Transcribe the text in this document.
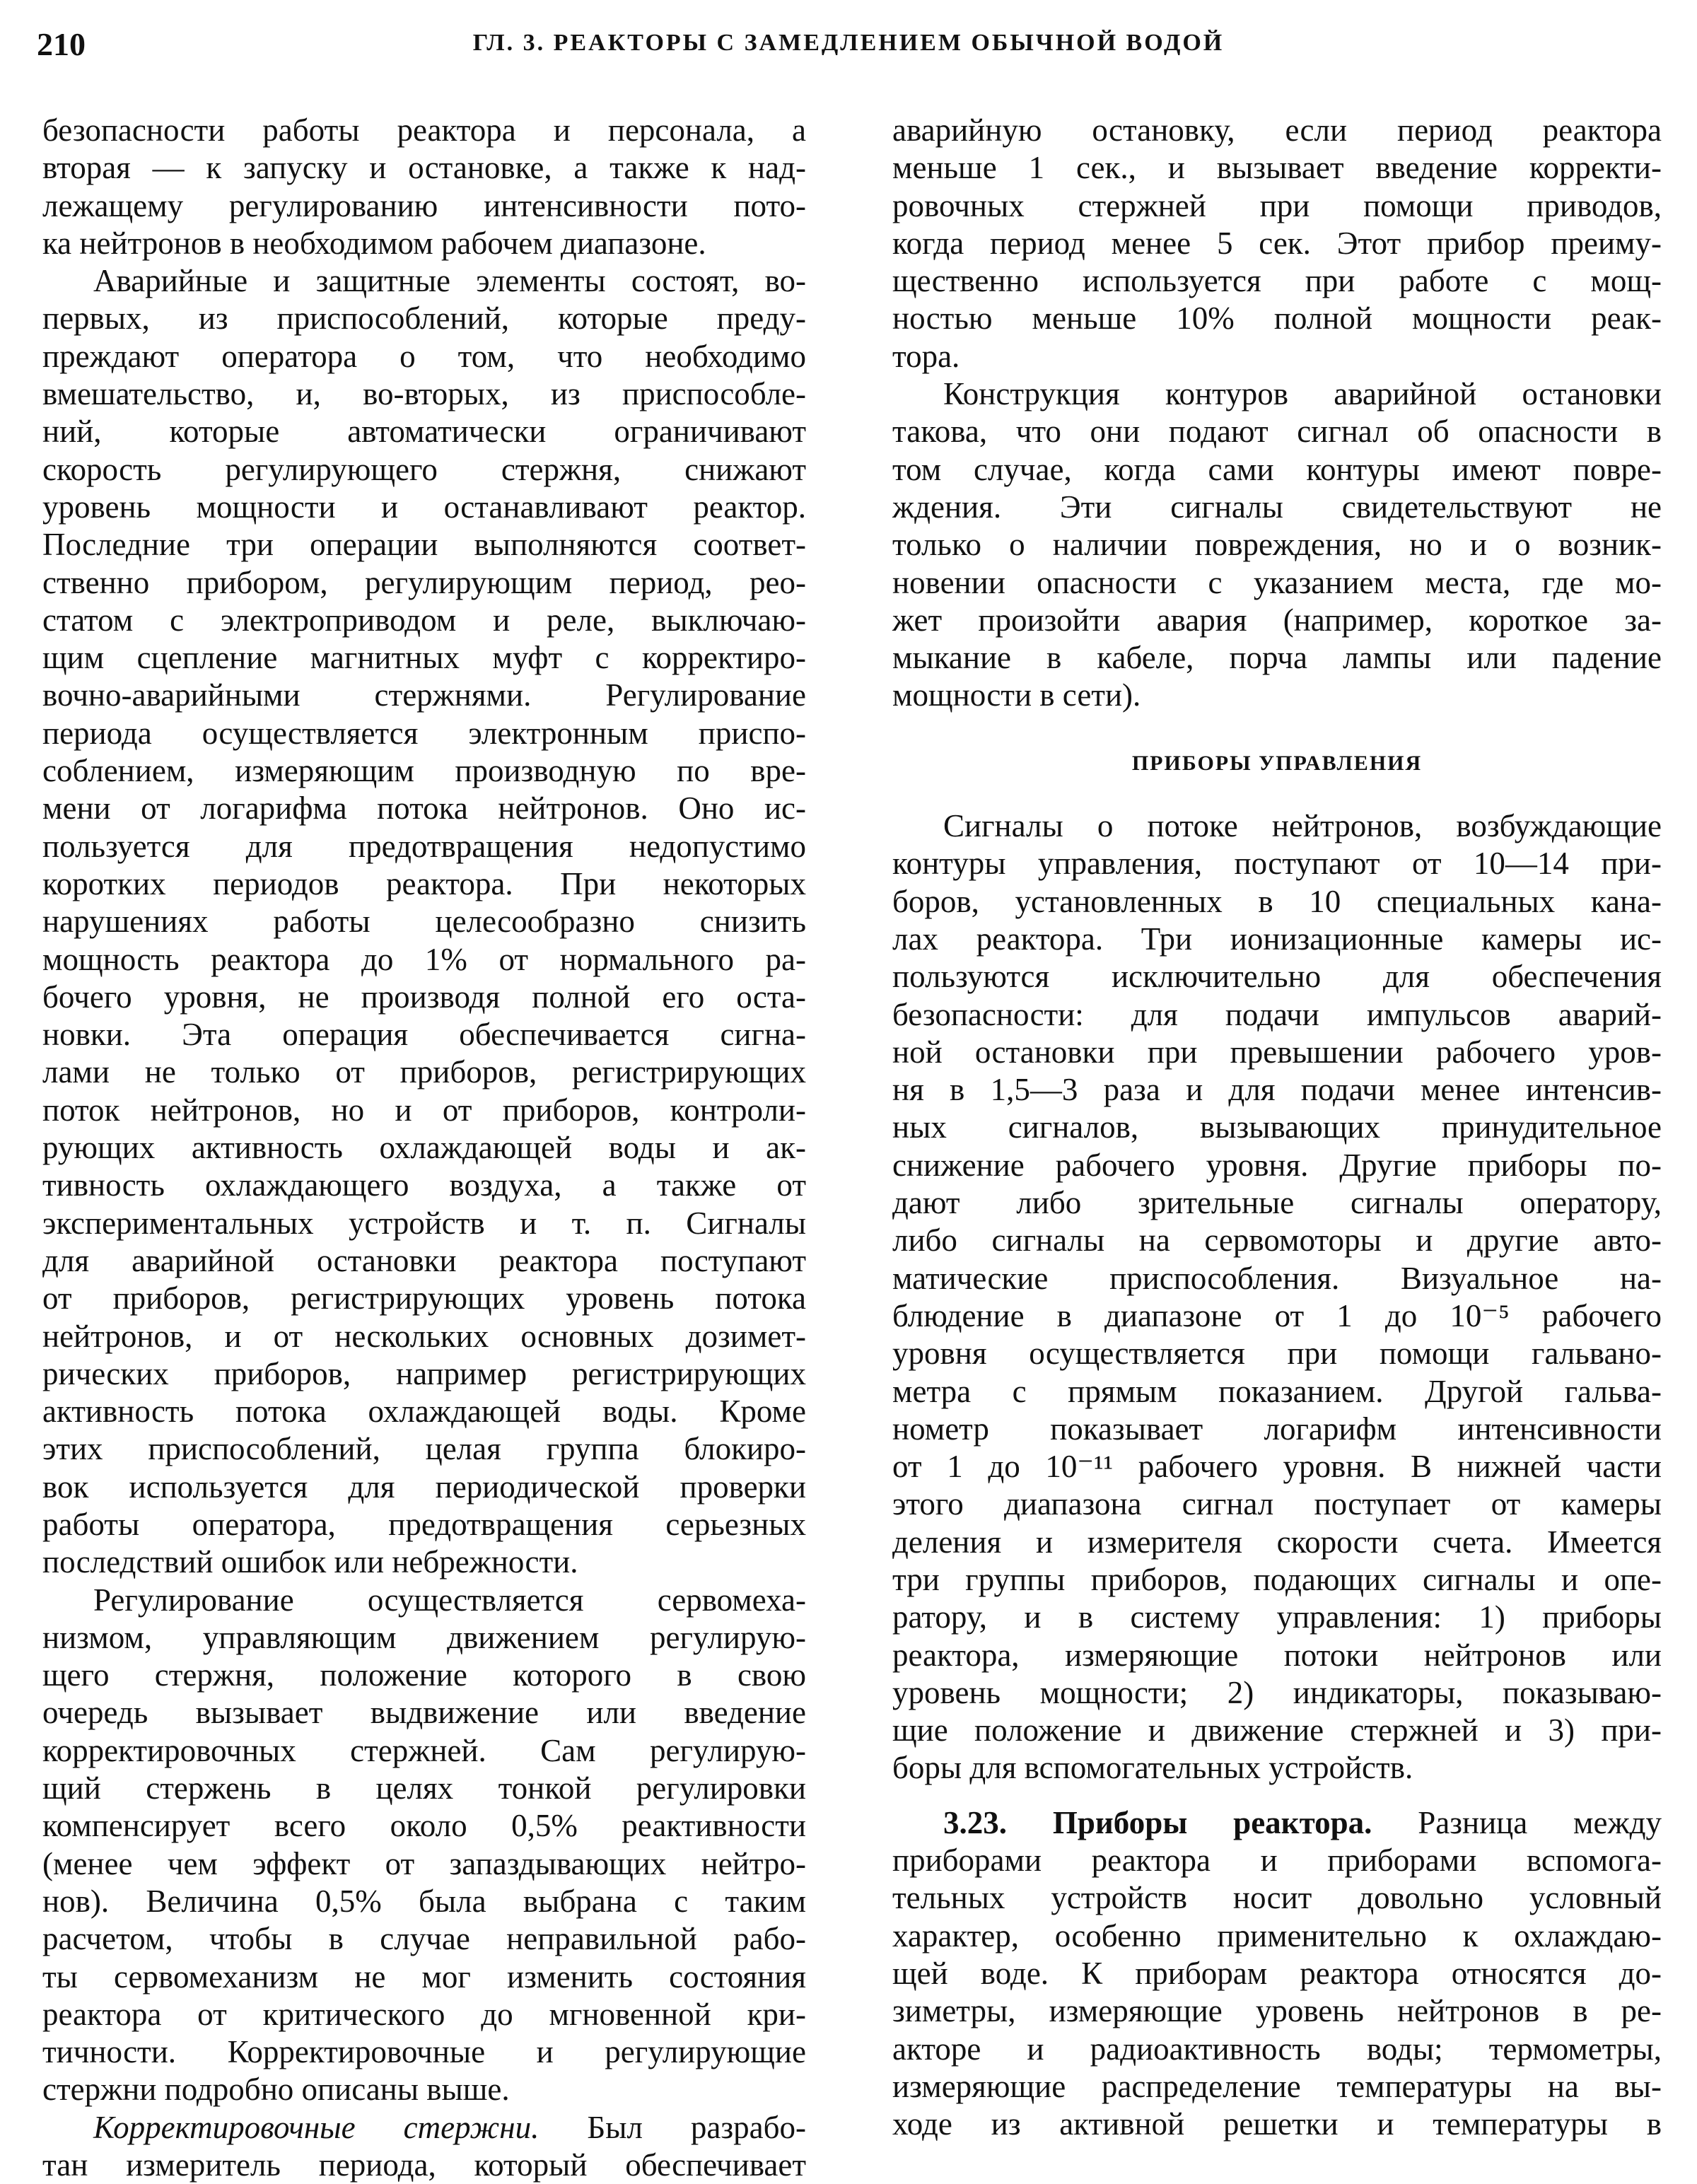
210	ГЛ. 3. РЕАКТОРЫ С ЗАМЕДЛЕНИЕМ ОБЫЧНОЙ ВОДОЙ
безопасности работы реактора и персонала, а
вторая — к запуску и остановке, а также к над-
лежащему регулированию интенсивности пото-
ка нейтронов в необходимом рабочем диапазоне.
Аварийные и защитные элементы состоят, во-
первых, из приспособлений, которые преду-
преждают оператора о том, что необходимо
вмешательство, и, во-вторых, из приспособле-
ний, которые автоматически ограничивают
скорость регулирующего стержня, снижают
уровень мощности и останавливают реактор.
Последние три операции выполняются соответ-
ственно прибором, регулирующим период, рео-
статом с электроприводом и реле, выключаю-
щим сцепление магнитных муфт с корректиро-
вочно-аварийными стержнями. Регулирование
периода осуществляется электронным приспо-
соблением, измеряющим производную по вре-
мени от логарифма потока нейтронов. Оно ис-
пользуется для предотвращения недопустимо
коротких периодов реактора. При некоторых
нарушениях работы целесообразно снизить
мощность реактора до 1% от нормального ра-
бочего уровня, не производя полной его оста-
новки. Эта операция обеспечивается сигна-
лами не только от приборов, регистрирующих
поток нейтронов, но и от приборов, контроли-
рующих активность охлаждающей воды и ак-
тивность охлаждающего воздуха, а также от
экспериментальных устройств и т. п. Сигналы
для аварийной остановки реактора поступают
от приборов, регистрирующих уровень потока
нейтронов, и от нескольких основных дозимет-
рических приборов, например регистрирующих
активность потока охлаждающей воды. Кроме
этих приспособлений, целая группа блокиро-
вок используется для периодической проверки
работы оператора, предотвращения серьезных
последствий ошибок или небрежности.
Регулирование осуществляется сервомеха-
низмом, управляющим движением регулирую-
щего стержня, положение которого в свою
очередь вызывает выдвижение или введение
корректировочных стержней. Сам регулирую-
щий стержень в целях тонкой регулировки
компенсирует всего около 0,5% реактивности
(менее чем эффект от запаздывающих нейтро-
нов). Величина 0,5% была выбрана с таким
расчетом, чтобы в случае неправильной рабо-
ты сервомеханизм не мог изменить состояния
реактора от критического до мгновенной кри-
тичности. Корректировочные и регулирующие
стержни подробно описаны выше.
Корректировочные стержни. Был разрабо-
тан измеритель периода, который обеспечивает
аварийную остановку, если период реактора
меньше 1 сек., и вызывает введение корректи-
ровочных стержней при помощи приводов,
когда период менее 5 сек. Этот прибор преиму-
щественно используется при работе с мощ-
ностью меньше 10% полной мощности реак-
тора.
Конструкция контуров аварийной остановки
такова, что они подают сигнал об опасности в
том случае, когда сами контуры имеют повре-
ждения. Эти сигналы свидетельствуют не
только о наличии повреждения, но и о возник-
новении опасности с указанием места, где мо-
жет произойти авария (например, короткое за-
мыкание в кабеле, порча лампы или падение
мощности в сети).
ПРИБОРЫ УПРАВЛЕНИЯ
Сигналы о потоке нейтронов, возбуждающие
контуры управления, поступают от 10—14 при-
боров, установленных в 10 специальных кана-
лах реактора. Три ионизационные камеры ис-
пользуются исключительно для обеспечения
безопасности: для подачи импульсов аварий-
ной остановки при превышении рабочего уров-
ня в 1,5—3 раза и для подачи менее интенсив-
ных сигналов, вызывающих принудительное
снижение рабочего уровня. Другие приборы по-
дают либо зрительные сигналы оператору,
либо сигналы на сервомоторы и другие авто-
матические приспособления. Визуальное на-
блюдение в диапазоне от 1 до 10⁻⁵ рабочего
уровня осуществляется при помощи гальвано-
метра с прямым показанием. Другой гальва-
нометр показывает логарифм интенсивности
от 1 до 10⁻¹¹ рабочего уровня. В нижней части
этого диапазона сигнал поступает от камеры
деления и измерителя скорости счета. Имеется
три группы приборов, подающих сигналы и опе-
ратору, и в систему управления: 1) приборы
реактора, измеряющие потоки нейтронов или
уровень мощности; 2) индикаторы, показываю-
щие положение и движение стержней и 3) при-
боры для вспомогательных устройств.
3.23. Приборы реактора. Разница между
приборами реактора и приборами вспомога-
тельных устройств носит довольно условный
характер, особенно применительно к охлаждаю-
щей воде. К приборам реактора относятся до-
зиметры, измеряющие уровень нейтронов в ре-
акторе и радиоактивность воды; термометры,
измеряющие распределение температуры на вы-
ходе из активной решетки и температуры в
